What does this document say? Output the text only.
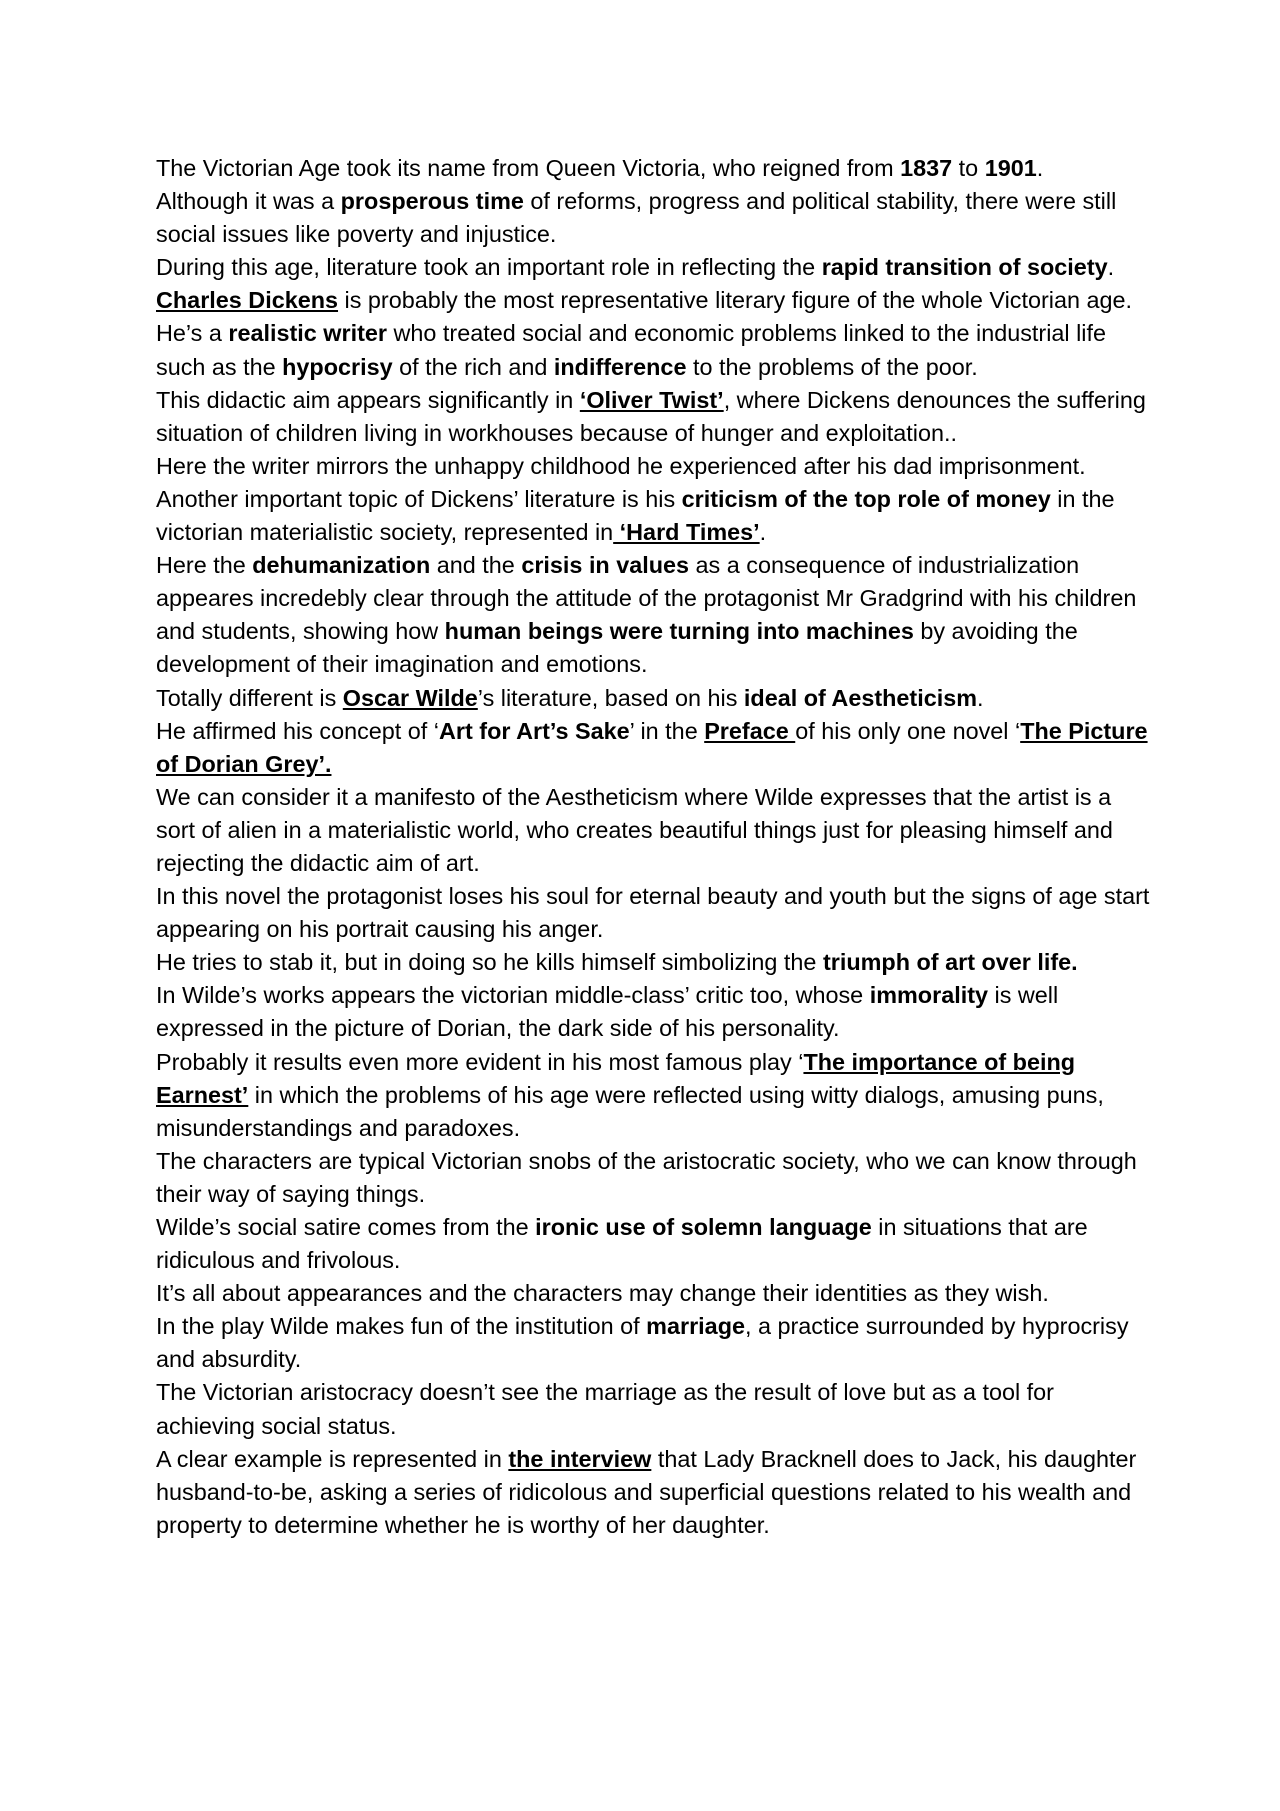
The Victorian Age took its name from Queen Victoria, who reigned from 1837 to 1901.

Although it was a prosperous time of reforms, progress and political stability, there were still social issues like poverty and injustice.

During this age, literature took an important role in reflecting the rapid transition of society.

Charles Dickens is probably the most representative literary figure of the whole Victorian age. He’s a realistic writer who treated social and economic problems linked to the industrial life such as the hypocrisy of the rich and indifference to the problems of the poor.

This didactic aim appears significantly in ‘Oliver Twist’, where Dickens denounces the suffering situation of children living in workhouses because of hunger and exploitation..

Here the writer mirrors the unhappy childhood he experienced after his dad imprisonment.

Another important topic of Dickens’ literature is his criticism of the top role of money in the victorian materialistic society, represented in ‘Hard Times’.

Here the dehumanization and the crisis in values as a consequence of industrialization appeares incredebly clear through the attitude of the protagonist Mr Gradgrind with his children and students, showing how human beings were turning into machines by avoiding the development of their imagination and emotions.

Totally different is Oscar Wilde’s literature, based on his ideal of Aestheticism.

He affirmed his concept of ‘Art for Art’s Sake’ in the Preface of his only one novel ‘The Picture of Dorian Grey’.

We can consider it a manifesto of the Aestheticism where Wilde expresses that the artist is a sort of alien in a materialistic world, who creates beautiful things just for pleasing himself and rejecting the didactic aim of art.

In this novel the protagonist loses his soul for eternal beauty and youth but the signs of age start appearing on his portrait causing his anger.

He tries to stab it, but in doing so he kills himself simbolizing the triumph of art over life.

In Wilde’s works appears the victorian middle-class’ critic too, whose immorality is well expressed in the picture of Dorian, the dark side of his personality.

Probably it results even more evident in his most famous play ‘The importance of being Earnest’ in which the problems of his age were reflected using witty dialogs, amusing puns, misunderstandings and paradoxes.

The characters are typical Victorian snobs of the aristocratic society, who we can know through their way of saying things.

Wilde’s social satire comes from the ironic use of solemn language in situations that are ridiculous and frivolous.

It’s all about appearances and the characters may change their identities as they wish.

In the play Wilde makes fun of the institution of marriage, a practice surrounded by hyprocrisy and absurdity.

The Victorian aristocracy doesn’t see the marriage as the result of love but as a tool for achieving social status.

A clear example is represented in the interview that Lady Bracknell does to Jack, his daughter husband-to-be, asking a series of ridicolous and superficial questions related to his wealth and property to determine whether he is worthy of her daughter.
